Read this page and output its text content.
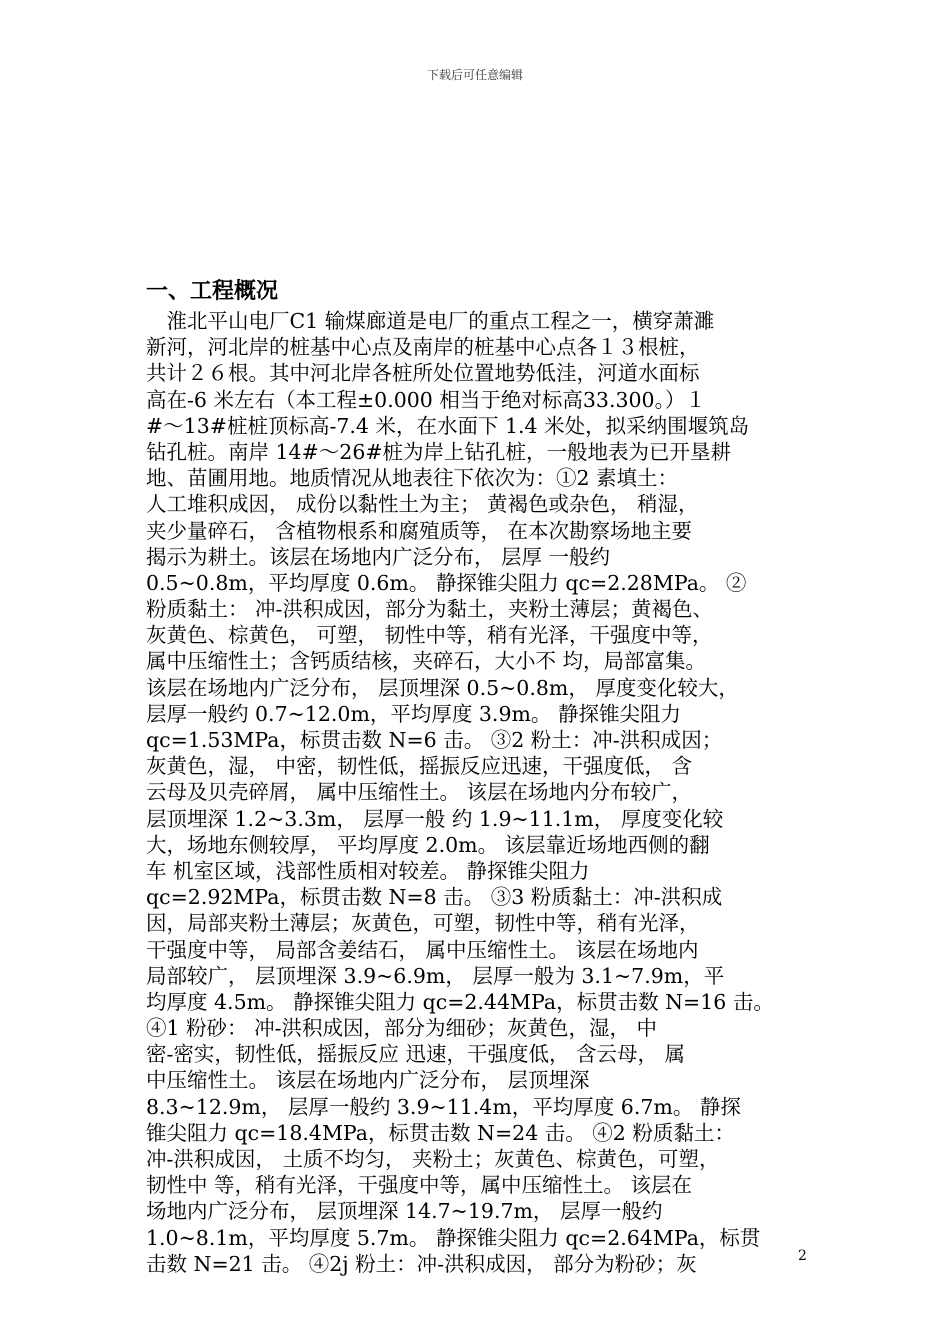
下载后可任意编辑
一、工程概况
　淮北平山电厂C1 输煤廊道是电厂的重点工程之一，横穿萧濉
新河，河北岸的桩基中心点及南岸的桩基中心点各１３根桩，
共计２６根。其中河北岸各桩所处位置地势低洼，河道水面标
高在-6 米左右（本工程±0.000 相当于绝对标高33.300。）１
#～13#桩桩顶标高-7.4 米，在水面下 1.4 米处，拟采纳围堰筑岛
钻孔桩。南岸 14#～26#桩为岸上钻孔桩，一般地表为已开垦耕
地、苗圃用地。地质情况从地表往下依次为：①2 素填土：
人工堆积成因， 成份以黏性土为主； 黄褐色或杂色， 稍湿，
夹少量碎石， 含植物根系和腐殖质等， 在本次勘察场地主要
揭示为耕土。该层在场地内广泛分布， 层厚 一般约
0.5~0.8m，平均厚度 0.6m。 静探锥尖阻力 qc=2.28MPa。 ②
粉质黏土： 冲-洪积成因，部分为黏土，夹粉土薄层；黄褐色、
灰黄色、棕黄色， 可塑， 韧性中等，稍有光泽，干强度中等，
属中压缩性土；含钙质结核，夹碎石，大小不 均，局部富集。
该层在场地内广泛分布， 层顶埋深 0.5~0.8m， 厚度变化较大，
层厚一般约 0.7~12.0m，平均厚度 3.9m。 静探锥尖阻力
qc=1.53MPa，标贯击数 N=6 击。 ③2 粉土：冲-洪积成因；
灰黄色，湿， 中密，韧性低，摇振反应迅速，干强度低， 含
云母及贝壳碎屑， 属中压缩性土。 该层在场地内分布较广，
层顶埋深 1.2~3.3m， 层厚一般 约 1.9~11.1m， 厚度变化较
大，场地东侧较厚， 平均厚度 2.0m。 该层靠近场地西侧的翻
车 机室区域，浅部性质相对较差。 静探锥尖阻力
qc=2.92MPa，标贯击数 N=8 击。 ③3 粉质黏土：冲-洪积成
因，局部夹粉土薄层；灰黄色，可塑，韧性中等，稍有光泽，
干强度中等， 局部含姜结石， 属中压缩性土。 该层在场地内
局部较广， 层顶埋深 3.9~6.9m， 层厚一般为 3.1~7.9m，平
均厚度 4.5m。 静探锥尖阻力 qc=2.44MPa，标贯击数 N=16 击。
④1 粉砂： 冲-洪积成因，部分为细砂；灰黄色，湿， 中
密-密实，韧性低，摇振反应 迅速，干强度低， 含云母， 属
中压缩性土。 该层在场地内广泛分布， 层顶埋深
8.3~12.9m， 层厚一般约 3.9~11.4m，平均厚度 6.7m。 静探
锥尖阻力 qc=18.4MPa，标贯击数 N=24 击。 ④2 粉质黏土：
冲-洪积成因， 土质不均匀， 夹粉土；灰黄色、棕黄色，可塑，
韧性中 等，稍有光泽，干强度中等，属中压缩性土。 该层在
场地内广泛分布， 层顶埋深 14.7~19.7m， 层厚一般约
1.0~8.1m，平均厚度 5.7m。 静探锥尖阻力 qc=2.64MPa，标贯
击数 N=21 击。 ④2j 粉土：冲-洪积成因， 部分为粉砂；灰	2
